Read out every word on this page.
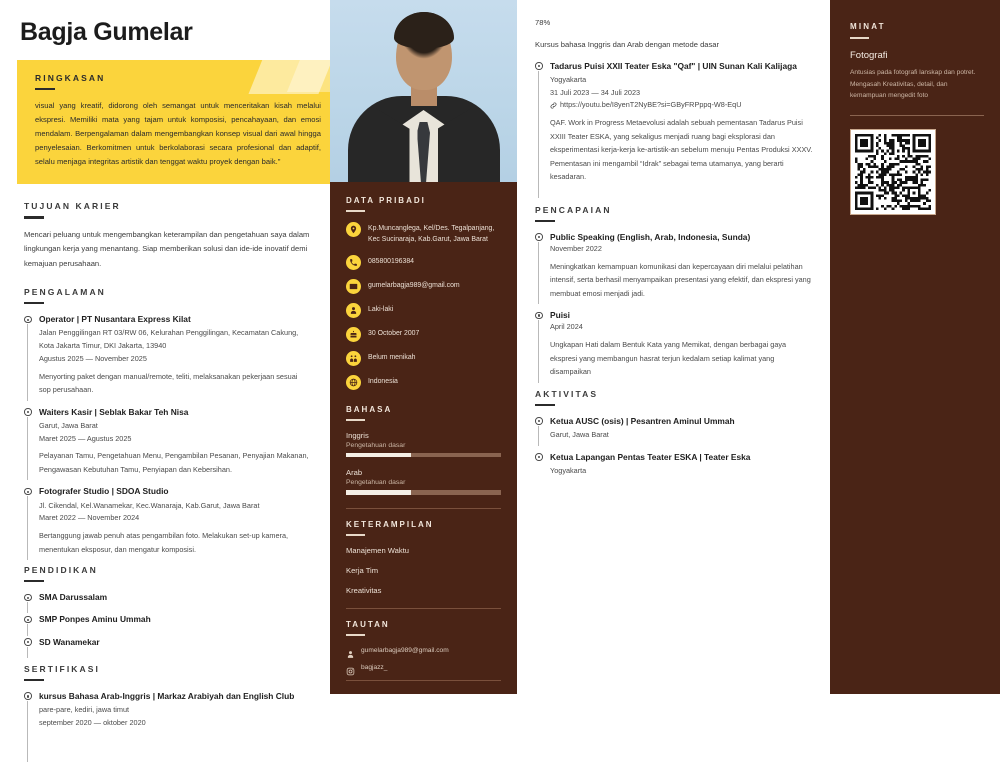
Bagja Gumelar
RINGKASAN
visual yang kreatif, didorong oleh semangat untuk menceritakan kisah melalui ekspresi. Memiliki mata yang tajam untuk komposisi, pencahayaan, dan emosi mendalam. Berpengalaman dalam mengembangkan konsep visual dari awal hingga penyelesaian. Berkomitmen untuk berkolaborasi secara profesional dan adaptif, selalu menjaga integritas artistik dan tenggat waktu proyek dengan baik."
TUJUAN KARIER
Mencari peluang untuk mengembangkan keterampilan dan pengetahuan saya dalam lingkungan kerja yang menantang. Siap memberikan solusi dan ide-ide inovatif demi kemajuan perusahaan.
PENGALAMAN
Operator | PT Nusantara Express Kilat
Jalan Penggilingan RT 03/RW 06, Kelurahan Penggilingan, Kecamatan Cakung, Kota Jakarta Timur, DKI Jakarta, 13940
Agustus 2025 — November 2025
Menyorting paket dengan manual/remote, teliti, melaksanakan pekerjaan sesuai sop perusahaan.
Waiters Kasir | Seblak Bakar Teh Nisa
Garut, Jawa Barat
Maret 2025 — Agustus 2025
Pelayanan Tamu, Pengetahuan Menu, Pengambilan Pesanan, Penyajian Makanan, Pengawasan Kebutuhan Tamu, Penyiapan dan Kebersihan.
Fotografer Studio | SDOA Studio
Jl. Cikendal, Kel.Wanamekar, Kec.Wanaraja, Kab.Garut, Jawa Barat
Maret 2022 — November 2024
Bertanggung jawab penuh atas pengambilan foto. Melakukan set-up kamera, menentukan eksposur, dan mengatur komposisi.
PENDIDIKAN
SMA Darussalam
SMP Ponpes Aminu Ummah
SD Wanamekar
SERTIFIKASI
kursus Bahasa Arab-Inggris | Markaz Arabiyah dan English Club
pare-pare, kediri, jawa timut
september 2020 — oktober 2020
DATA PRIBADI
Kp.Muncanglega, Kel/Des. Tegalpanjang, Kec Sucinaraja, Kab.Garut, Jawa Barat
085800196384
gumelarbagja989@gmail.com
Laki-laki
30 October 2007
Belum menikah
Indonesia
BAHASA
Inggris
Pengetahuan dasar
Arab
Pengetahuan dasar
KETERAMPILAN
Manajemen Waktu
Kerja Tim
Kreativitas
TAUTAN
gumelarbagja989@gmail.com
bagjazz_
78%
Kursus bahasa Inggris dan Arab dengan metode dasar
Tadarus Puisi XXII Teater Eska "Qaf" | UIN Sunan Kali Kalijaga
Yogyakarta
31 Juli 2023 — 34 Juli 2023
https://youtu.be/I8yenT2NyBE?si=GByFRPppq-W8-EqU
QAF. Work in Progress Metaevolusi adalah sebuah pementasan Tadarus Puisi XXIII Teater ESKA, yang sekaligus menjadi ruang bagi eksplorasi dan eksperimentasi kerja-kerja ke-artistik-an sebelum menuju Pentas Produksi XXXV. Pementasan ini mengambil “Idrak” sebagai tema utamanya, yang berarti kesadaran.
PENCAPAIAN
Public Speaking (English, Arab, Indonesia, Sunda)
November 2022
Meningkatkan kemampuan komunikasi dan kepercayaan diri melalui pelatihan intensif, serta berhasil menyampaikan presentasi yang efektif, dan ekspresi yang membuat emosi menjadi jadi.
Puisi
April 2024
Ungkapan Hati dalam Bentuk Kata yang Memikat, dengan berbagai gaya ekspresi yang membangun hasrat terjun kedalam setiap kalimat yang disampaikan
AKTIVITAS
Ketua AUSC (osis) | Pesantren Aminul Ummah
Garut, Jawa Barat
Ketua Lapangan Pentas Teater ESKA | Teater Eska
Yogyakarta
MINAT
Fotografi
Antusias pada fotografi lanskap dan potret. Mengasah Kreativitas, detail, dan kemampuan mengedit foto
